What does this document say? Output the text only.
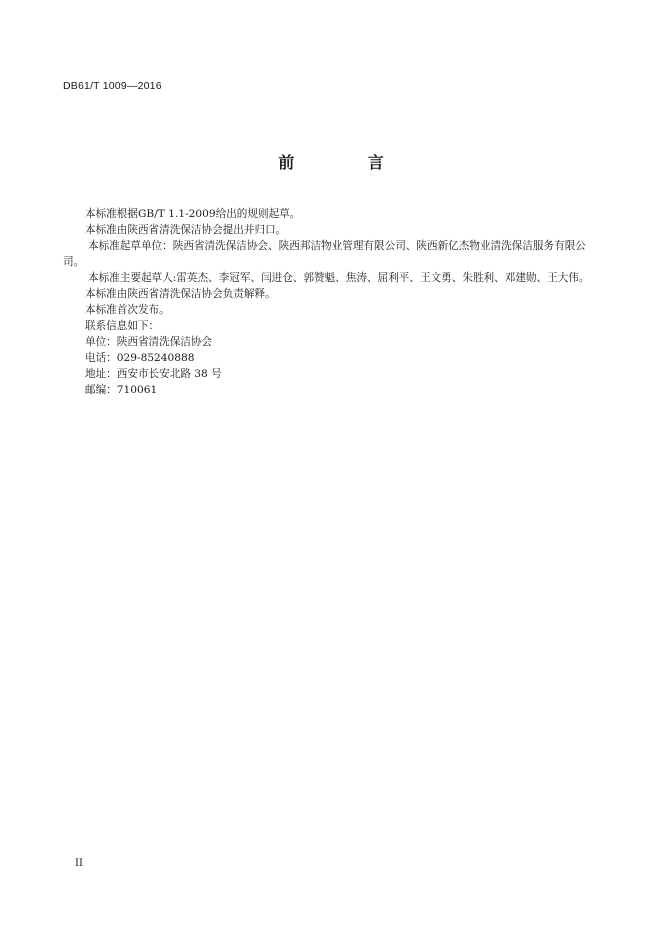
DB61/T 1009—2016
前 言

本标准根据GB/T 1.1-2009给出的规则起草。

本标准由陕西省清洗保洁协会提出并归口。

本标准起草单位：陕西省清洗保洁协会、陕西邦洁物业管理有限公司、陕西新亿杰物业清洗保洁服务有限公司。

本标准主要起草人:雷英杰、李冠军、闫进仓、郭赞魁、焦涛、屈利平、王文勇、朱胜利、邓建勋、王大伟。

本标准由陕西省清洗保洁协会负责解释。

本标准首次发布。

联系信息如下：

单位：陕西省清洗保洁协会

电话：029-85240888

地址：西安市长安北路 38 号

邮编：710061

II
